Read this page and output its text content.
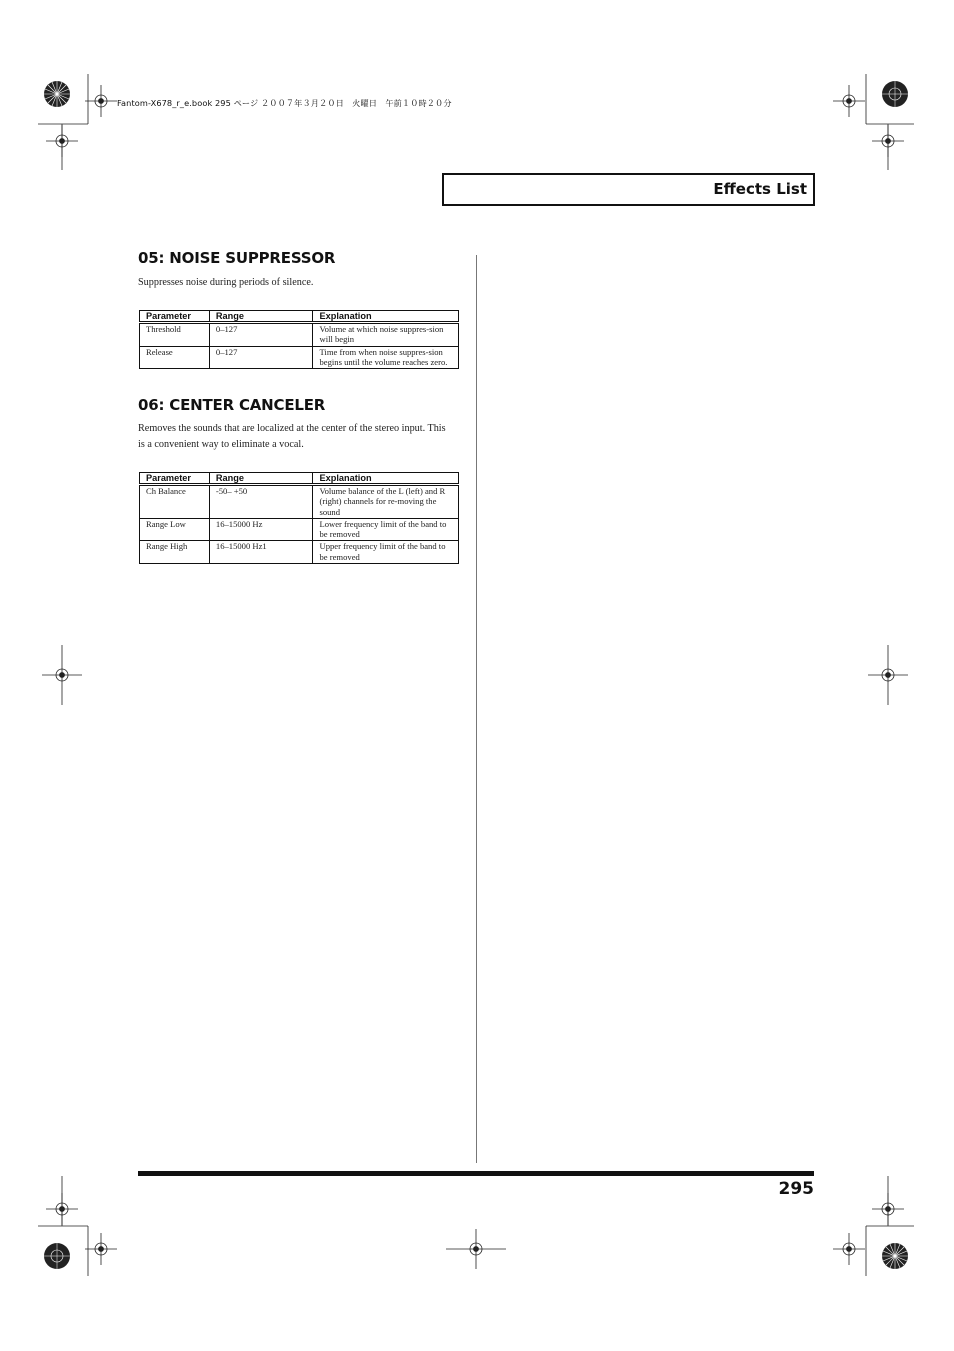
Fantom-X678_r_e.book 295 ページ ２００７年３月２０日　火曜日　午前１０時２０分
Effects List
05: NOISE SUPPRESSOR
Suppresses noise during periods of silence.
Parameter	Range	Explanation
Threshold	0–127	Volume at which noise suppres-sion will begin
Release	0–127	Time from when noise suppres-sion begins until the volume reaches zero.
06: CENTER CANCELER
Removes the sounds that are localized at the center of the stereo input. This is a convenient way to eliminate a vocal.
Parameter	Range	Explanation
Ch Balance	-50– +50	Volume balance of the L (left) and R (right) channels for re-moving the sound
Range Low	16–15000 Hz	Lower frequency limit of the band to be removed
Range High	16–15000 Hz1	Upper frequency limit of the band to be removed
295
